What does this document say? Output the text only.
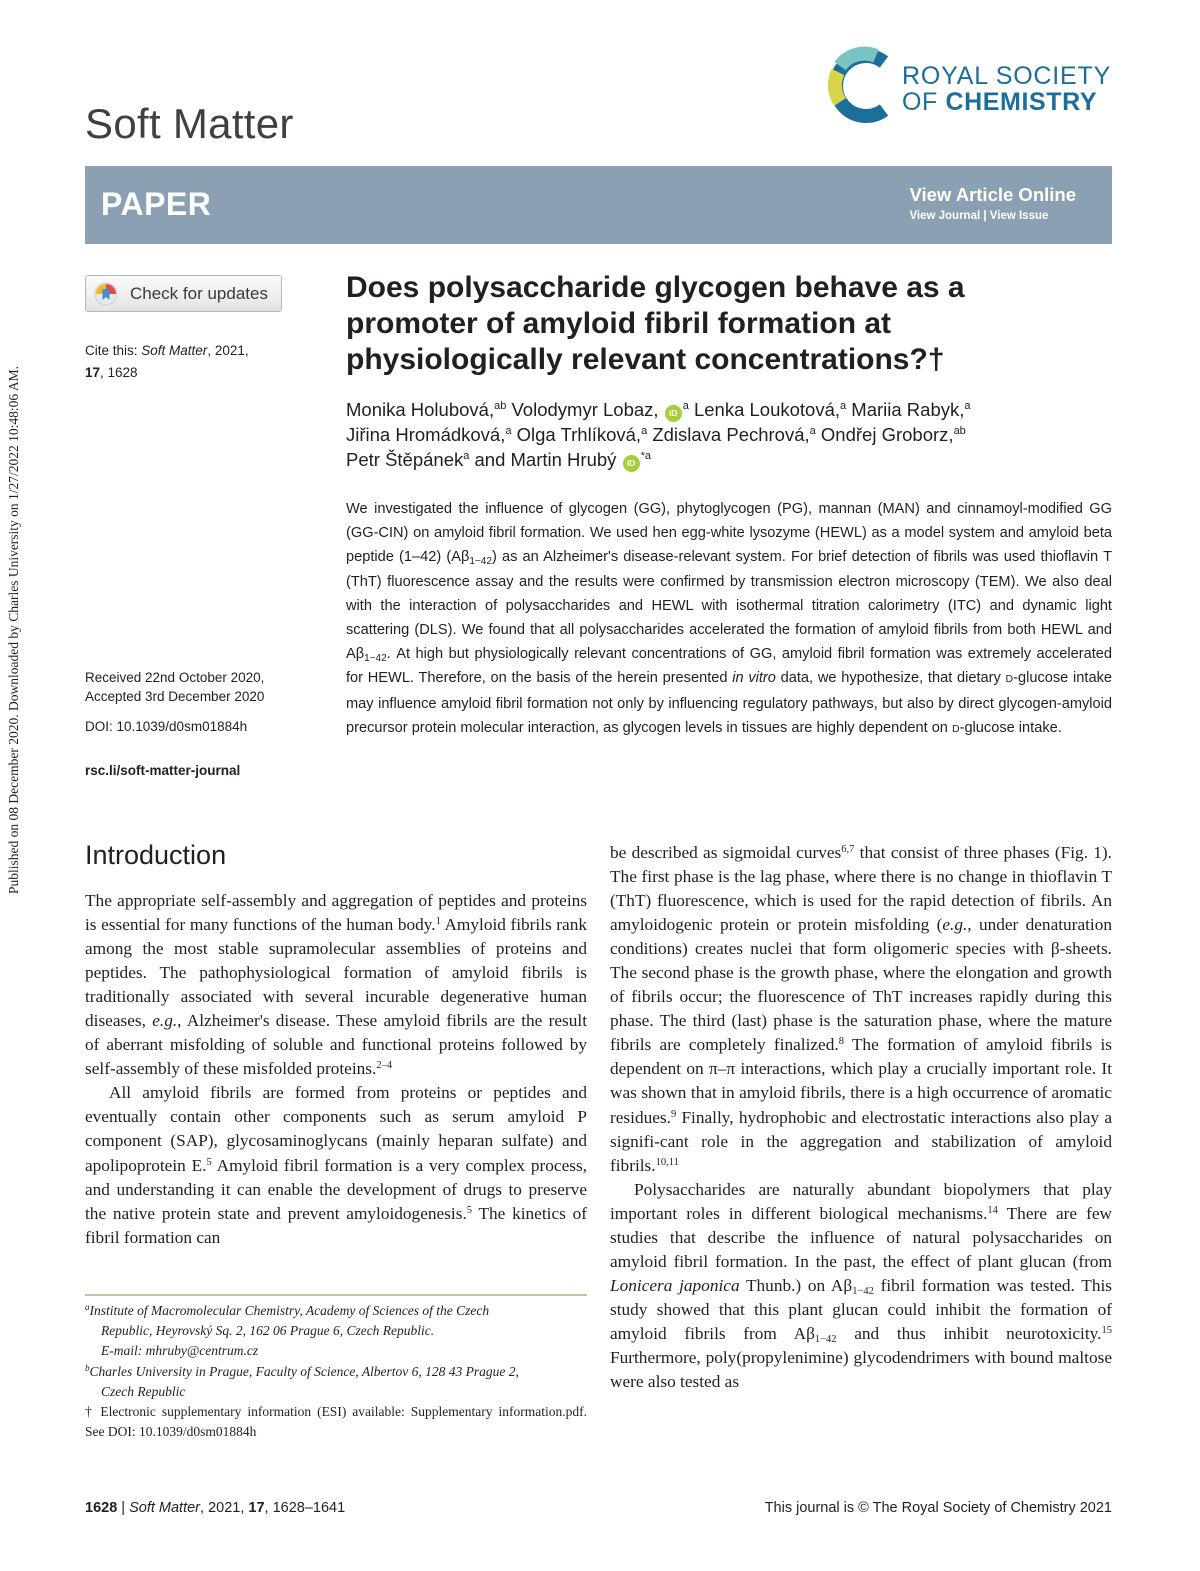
Published on 08 December 2020. Downloaded by Charles University on 1/27/2022 10:48:06 AM.
Soft Matter
ROYAL SOCIETY
OF CHEMISTRY
PAPER	View Article Online
View Journal | View Issue
Check for updates
Cite this: Soft Matter, 2021,
17, 1628
Received 22nd October 2020,
Accepted 3rd December 2020
DOI: 10.1039/d0sm01884h
rsc.li/soft-matter-journal
Does polysaccharide glycogen behave as a promoter of amyloid fibril formation at physiologically relevant concentrations?†
Monika Holubová,$^{ab}$ Volodymyr Lobaz, $iD^a$ Lenka Loukotová,$^a$ Mariia Rabyk,$^a$
Jiřina Hromádková,$^a$ Olga Trhlíková,$^a$ Zdislava Pechrová,$^a$ Ondřej Groborz,$^{ab}$
Petr Štěpánek$^a$ and Martin Hrubý $iD^{*a}$
We investigated the influence of glycogen (GG), phytoglycogen (PG), mannan (MAN) and cinnamoyl-modified GG (GG-CIN) on amyloid fibril formation. We used hen egg-white lysozyme (HEWL) as a model system and amyloid beta peptide (1–42) $(A\beta_{1-42})$ as an Alzheimer's disease-relevant system. For brief detection of fibrils was used thioflavin T (ThT) fluorescence assay and the results were confirmed by transmission electron microscopy (TEM). We also deal with the interaction of polysaccharides and HEWL with isothermal titration calorimetry (ITC) and dynamic light scattering (DLS). We found that all polysaccharides accelerated the formation of amyloid fibrils from both HEWL and $A\beta_{1-42}$. At high but physiologically relevant concentrations of GG, amyloid fibril formation was extremely accelerated for HEWL. Therefore, on the basis of the herein presented in vitro data, we hypothesize, that dietary D-glucose intake may influence amyloid fibril formation not only by influencing regulatory pathways, but also by direct glycogen-amyloid precursor protein molecular interaction, as glycogen levels in tissues are highly dependent on D-glucose intake.
Introduction

The appropriate self-assembly and aggregation of peptides and proteins is essential for many functions of the human body.$^1$ Amyloid fibrils rank among the most stable supramolecular assemblies of proteins and peptides. The pathophysiological formation of amyloid fibrils is traditionally associated with several incurable degenerative human diseases, e.g., Alzheimer's disease. These amyloid fibrils are the result of aberrant misfolding of soluble and functional proteins followed by self-assembly of these misfolded proteins.$^{2-4}$

All amyloid fibrils are formed from proteins or peptides and eventually contain other components such as serum amyloid P component (SAP), glycosaminoglycans (mainly heparan sulfate) and apolipoprotein E.$^5$ Amyloid fibril formation is a very complex process, and understanding it can enable the development of drugs to preserve the native protein state and prevent amyloidogenesis.$^5$ The kinetics of fibril formation can

be described as sigmoidal curves$^{6,7}$ that consist of three phases (Fig. 1). The first phase is the lag phase, where there is no change in thioflavin T (ThT) fluorescence, which is used for the rapid detection of fibrils. An amyloidogenic protein or protein misfolding (e.g., under denaturation conditions) creates nuclei that form oligomeric species with β-sheets. The second phase is the growth phase, where the elongation and growth of fibrils occur; the fluorescence of ThT increases rapidly during this phase. The third (last) phase is the saturation phase, where the mature fibrils are completely finalized.$^8$ The formation of amyloid fibrils is dependent on π–π interactions, which play a crucially important role. It was shown that in amyloid fibrils, there is a high occurrence of aromatic residues.$^9$ Finally, hydrophobic and electrostatic interactions also play a signifi-cant role in the aggregation and stabilization of amyloid fibrils.$^{10,11}$

Polysaccharides are naturally abundant biopolymers that play important roles in different biological mechanisms.$^{14}$ There are few studies that describe the influence of natural polysaccharides on amyloid fibril formation. In the past, the effect of plant glucan (from Lonicera japonica Thunb.) on $A\beta_{1-42}$ fibril formation was tested. This study showed that this plant glucan could inhibit the formation of amyloid fibrils from $A\beta_{1-42}$ and thus inhibit neurotoxicity.$^{15}$ Furthermore, poly(propylenimine) glycodendrimers with bound maltose were also tested as

$^a$Institute of Macromolecular Chemistry, Academy of Sciences of the Czech
Republic, Heyrovský Sq. 2, 162 06 Prague 6, Czech Republic.
E-mail: mhruby@centrum.cz
$^b$Charles University in Prague, Faculty of Science, Albertov 6, 128 43 Prague 2,
Czech Republic
† Electronic supplementary information (ESI) available: Supplementary information.pdf. See DOI: 10.1039/d0sm01884h
1628 | Soft Matter, 2021, 17, 1628–1641	This journal is © The Royal Society of Chemistry 2021
